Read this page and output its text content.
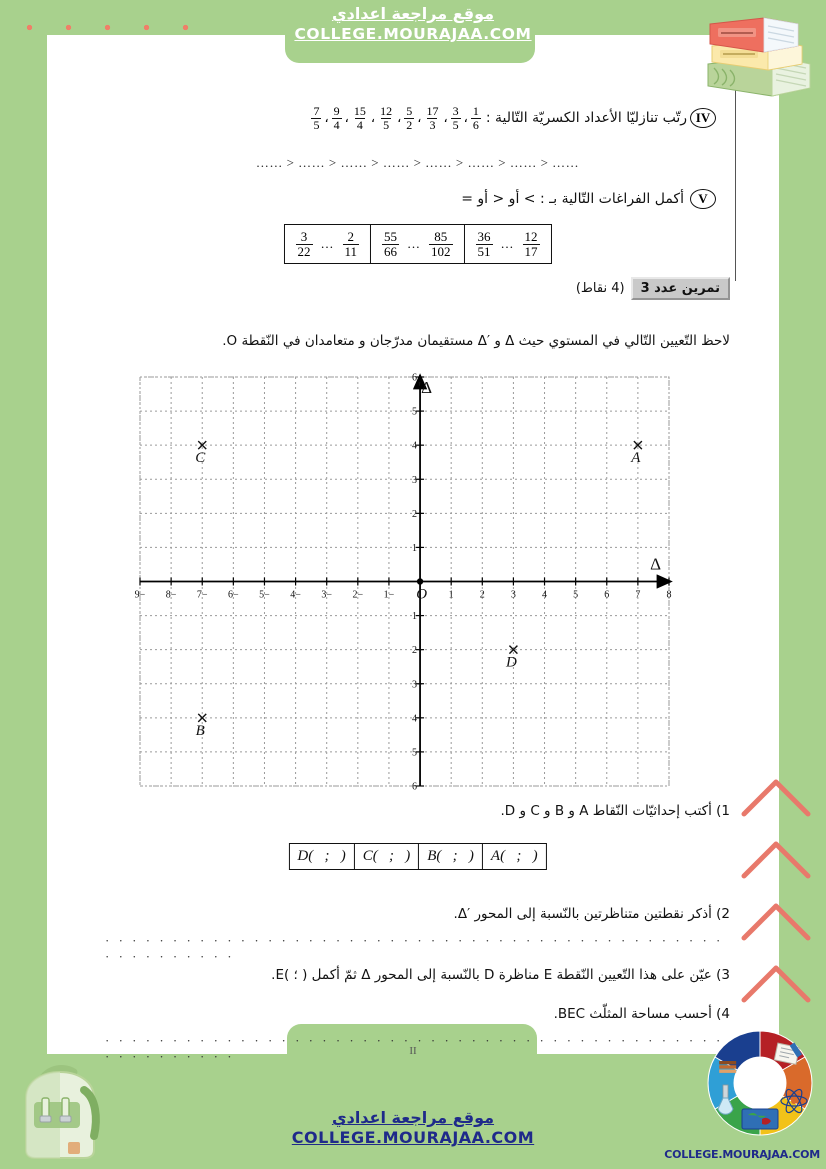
IV
رتّب تنازليّا الأعداد الكسريّة التّالية :
$\frac{1}{6}$
،
$\frac{3}{5}$
،
$\frac{17}{3}$
،
$\frac{5}{2}$
،
$\frac{12}{5}$
،
$\frac{15}{4}$
،
$\frac{9}{4}$
،
$\frac{7}{5}$
…… > …… > …… > …… > …… > …… > …… > ……
V
أكمل الفراغات التّالية بـ : > أو < أو =
$\frac{3}{22}$ … $\frac{2}{11} \frac{55}{66}$ … $\frac{85}{102} \frac{36}{51}$ … $\frac{12}{17}$
تمرين عدد 3
(4 نقاط)
لاحظ التّعيين التّالي في المستوي حيث Δ و ′Δ مستقيمان مدرّجان و متعامدان في النّقطة O.
−9 −8 −7 −6 −5 −4 −3 −2 −1	1	2	3	4	5	6	7	8
−6
−5
−4
−3
−2
−1
1
2
3
4
5
6
O
Δ
Δ'
C	A
D
B
1) أكتب إحداثيّات النّقاط A و B و C و D.
D(   ;   )	C(   ;   )	B(   ;   )	A(   ;   )
2) أذكر نقطتين متناظرتين بالنّسبة إلى المحور ′Δ.
· · · · · · · · · · · · · · · · · · · · · · · · · · · · · · · · · · · · · · · · · · · · · · · · · · · · · · · ·
3) عيّن على هذا التّعيين النّقطة E مناظرة D بالنّسبة إلى المحور Δ ثمّ أكمل ( ؛ )E.
4) أحسب مساحة المثلّث BEC.
· · · · · · · · · · · · · · · · · · · · · · · · · · · · · · · · · · · · · · · · · · · · · · · · · · · · · · · ·
موقع مراجعة اعدادي
COLLEGE.MOURAJAA.COM
II
موقع مراجعة اعدادي
COLLEGE.MOURAJAA.COM
COLLEGE.MOURAJAA.COM
